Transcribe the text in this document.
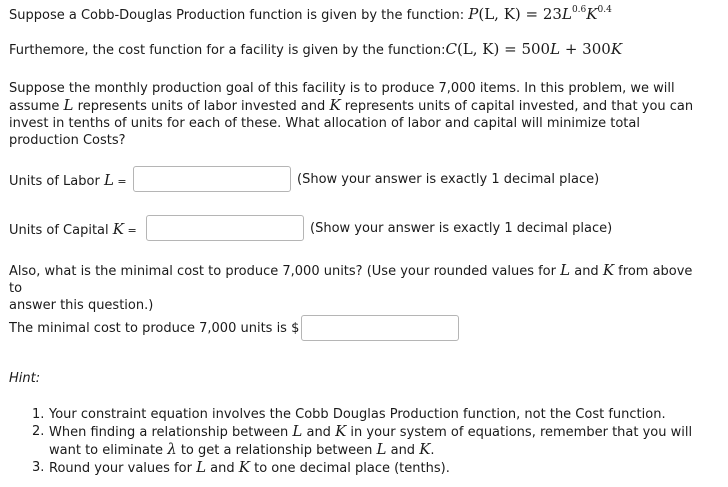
Suppose a Cobb-Douglas Production function is given by the function: P(L, $K) = 23L^{0.6}K^{0.4}$
Furthemore, the cost function for a facility is given by the function:C(L, K) = 500L + 300K
Suppose the monthly production goal of this facility is to produce 7,000 items. In this problem, we will
assume L represents units of labor invested and K represents units of capital invested, and that you can
invest in tenths of units for each of these. What allocation of labor and capital will minimize total
production Costs?
Units of Labor L =	(Show your answer is exactly 1 decimal place)
Units of Capital K =	(Show your answer is exactly 1 decimal place)
Also, what is the minimal cost to produce 7,000 units? (Use your rounded values for L and K from above to
answer this question.)
The minimal cost to produce 7,000 units is $
Hint:
1. Your constraint equation involves the Cobb Douglas Production function, not the Cost function.
2. When finding a relationship between L and K in your system of equations, remember that you will
want to eliminate λ to get a relationship between L and K.
3. Round your values for L and K to one decimal place (tenths).
